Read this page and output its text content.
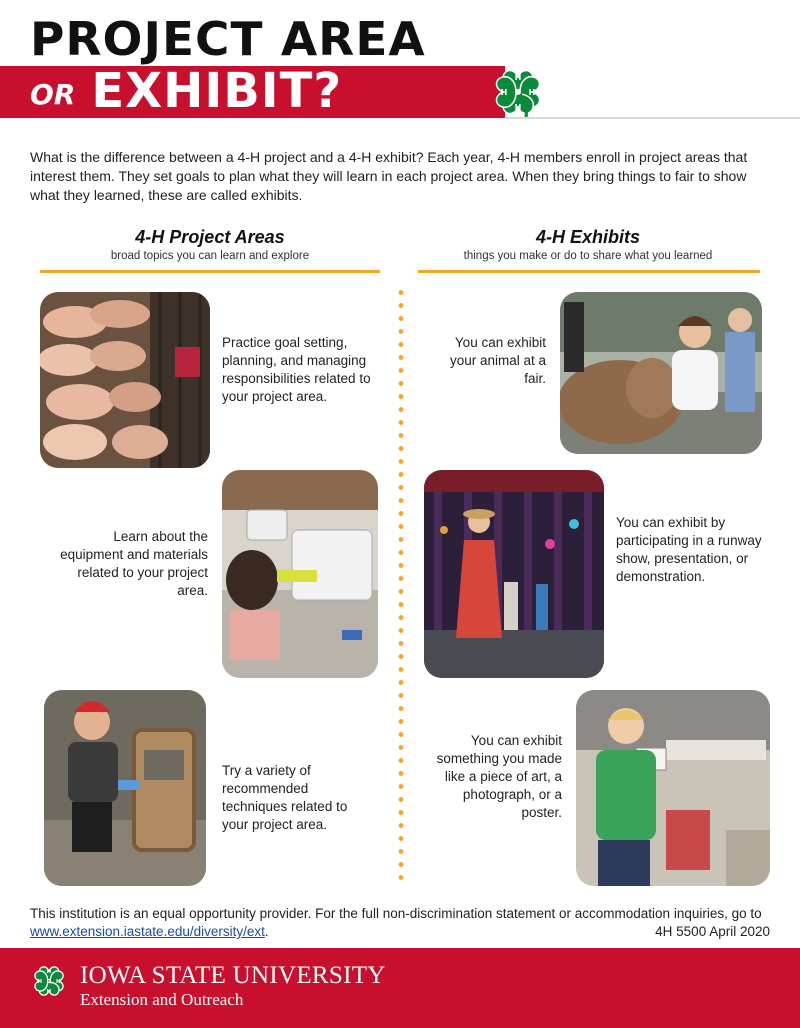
PROJECT AREA
OR EXHIBIT?	H
H
H
H

What is the difference between a 4-H project and a 4-H exhibit? Each year, 4-H members enroll in project areas that interest them. They set goals to plan what they will learn in each project area. When they bring things to fair to show what they learned, these are called exhibits.

4-H Project Areas
broad topics you can learn and explore
4-H Exhibits
things you make or do to share what you learned

Practice goal setting, planning, and managing responsibilities related to your project area.

Learn about the equipment and materials related to your project area.

Try a variety of recommended techniques related to your project area.

You can exhibit your animal at a fair.

You can exhibit by participating in a runway show, presentation, or demonstration.

You can exhibit something you made like a piece of art, a photograph, or a poster.

This institution is an equal opportunity provider. For the full non-discrimination statement or accommodation inquiries, go to www.extension.iastate.edu/diversity/ext.	4H 5500 April 2020
H
H
H
H IOWA STATE UNIVERSITY
Extension and Outreach
